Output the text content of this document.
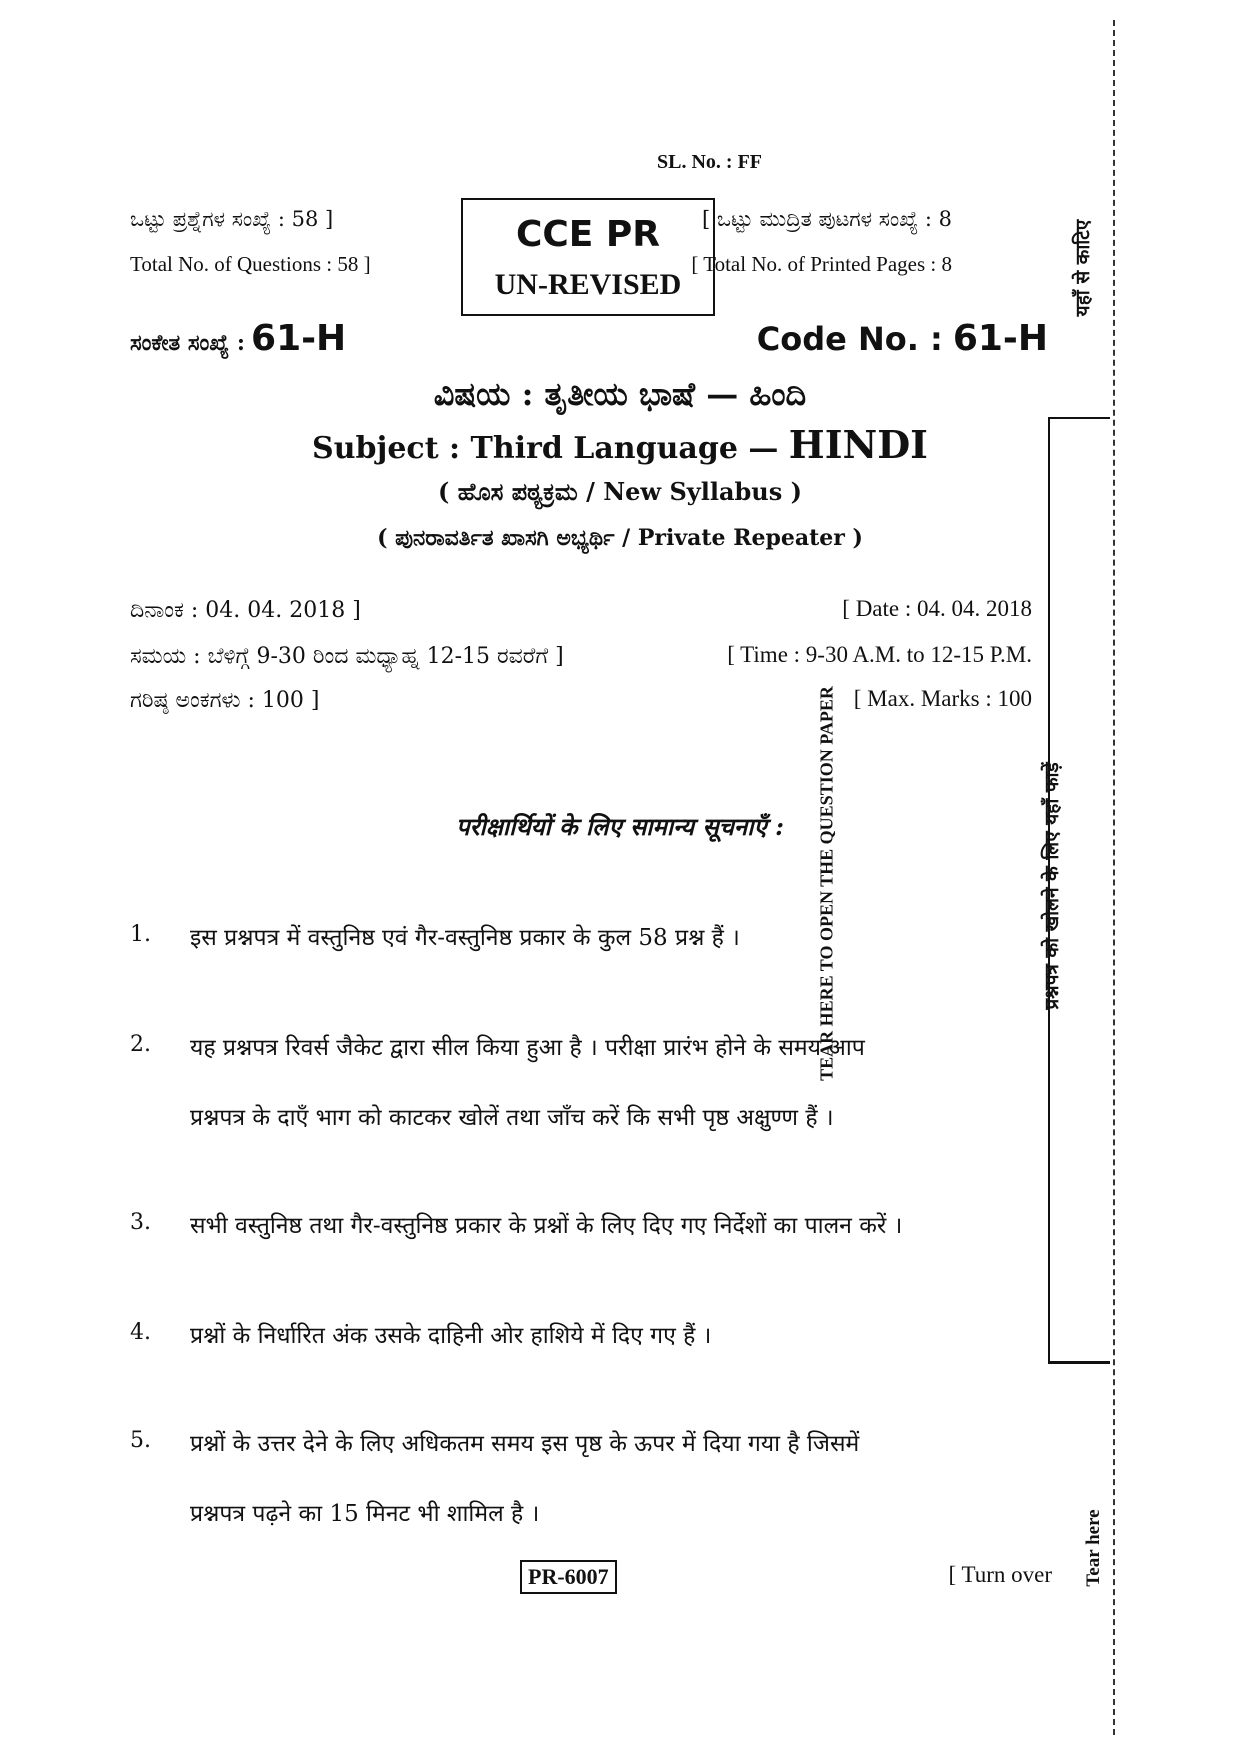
SL. No. : FF
ಒಟ್ಟು ಪ್ರಶ್ನೆಗಳ ಸಂಖ್ಯೆ : 58 ]
Total No. of Questions : 58 ]
CCE PR
UN-REVISED
[ ಒಟ್ಟು ಮುದ್ರಿತ ಪುಟಗಳ ಸಂಖ್ಯೆ : 8
[ Total No. of Printed Pages : 8
ಸಂಕೇತ ಸಂಖ್ಯೆ : 61-H	Code No. : 61-H
ವಿಷಯ : ತೃತೀಯ ಭಾಷೆ — ಹಿಂದಿ
Subject : Third Language — HINDI
( ಹೊಸ ಪಠ್ಯಕ್ರಮ / New Syllabus )
( ಪುನರಾವರ್ತಿತ ಖಾಸಗಿ ಅಭ್ಯರ್ಥಿ / Private Repeater )
ದಿನಾಂಕ : 04. 04. 2018 ]	[ Date : 04. 04. 2018
ಸಮಯ : ಬೆಳಿಗ್ಗೆ 9-30 ರಿಂದ ಮಧ್ಯಾಹ್ನ 12-15 ರವರೆಗೆ ]	[ Time : 9-30 A.M. to 12-15 P.M.
ಗರಿಷ್ಠ ಅಂಕಗಳು : 100 ]	[ Max. Marks : 100
परीक्षार्थियों के लिए सामान्य सूचनाएँ :
1. इस प्रश्नपत्र में वस्तुनिष्ठ एवं गैर-वस्तुनिष्ठ प्रकार के कुल 58 प्रश्न हैं ।
2. यह प्रश्नपत्र रिवर्स जैकेट द्वारा सील किया हुआ है । परीक्षा प्रारंभ होने के समय आप
प्रश्नपत्र के दाएँ भाग को काटकर खोलें तथा जाँच करें कि सभी पृष्ठ अक्षुण्ण हैं ।
3. सभी वस्तुनिष्ठ तथा गैर-वस्तुनिष्ठ प्रकार के प्रश्नों के लिए दिए गए निर्देशों का पालन करें ।
4. प्रश्नों के निर्धारित अंक उसके दाहिनी ओर हाशिये में दिए गए हैं ।
5. प्रश्नों के उत्तर देने के लिए अधिकतम समय इस पृष्ठ के ऊपर में दिया गया है जिसमें
प्रश्नपत्र पढ़ने का 15 मिनट भी शामिल है ।
PR-6007	[ Turn over
यहाँ से काटिए
TEAR HERE TO OPEN THE QUESTION PAPER	प्रश्नपत्र को खोलने के लिए यहाँ फाड़ें
Tear here
